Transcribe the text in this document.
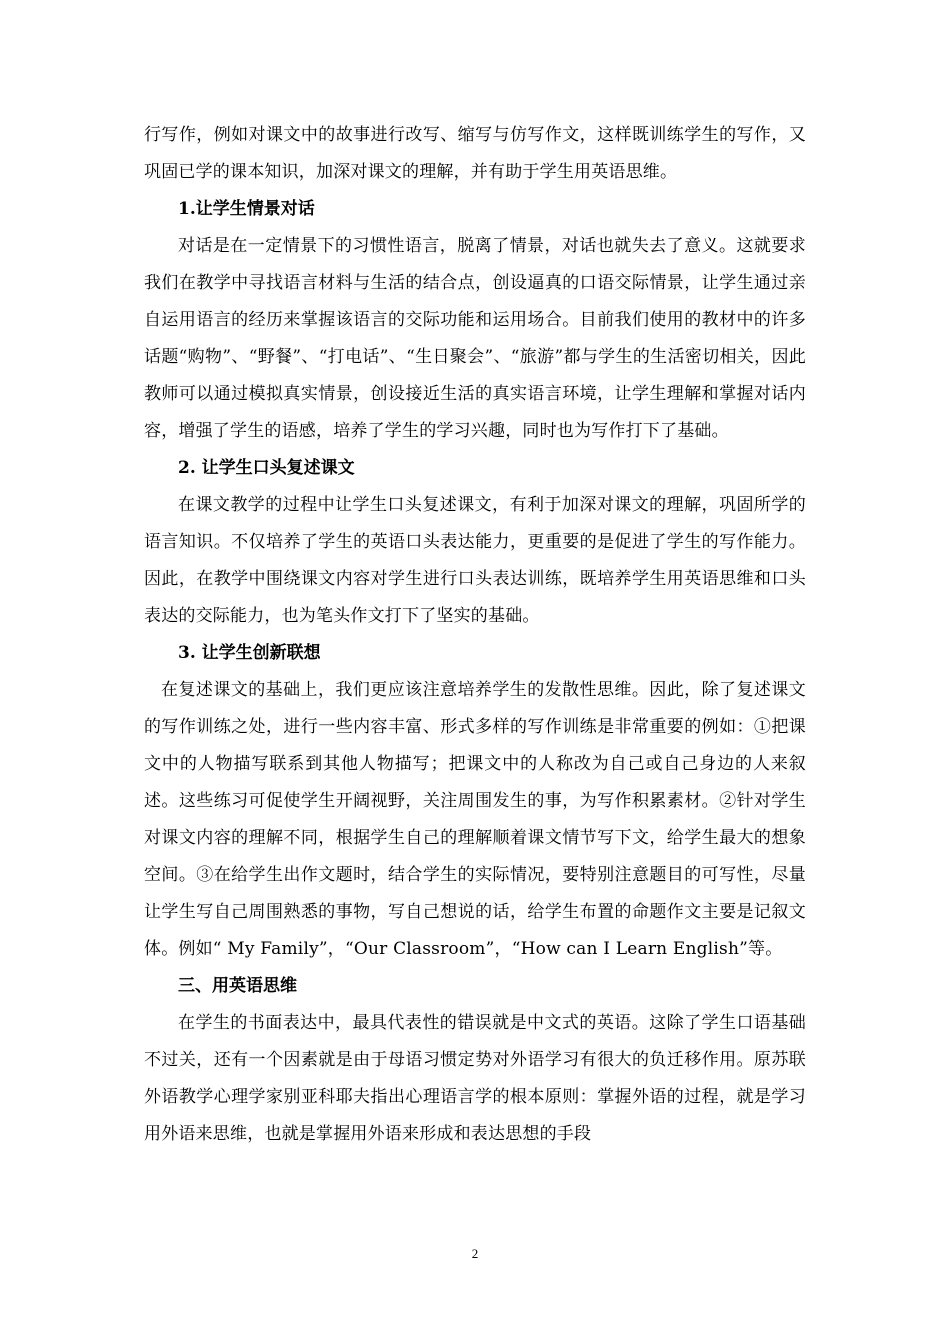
行写作，例如对课文中的故事进行改写、缩写与仿写作文，这样既训练学生的写作，又巩固已学的课本知识，加深对课文的理解，并有助于学生用英语思维。

1.让学生情景对话

对话是在一定情景下的习惯性语言，脱离了情景，对话也就失去了意义。这就要求我们在教学中寻找语言材料与生活的结合点，创设逼真的口语交际情景，让学生通过亲自运用语言的经历来掌握该语言的交际功能和运用场合。目前我们使用的教材中的许多话题“购物”、“野餐”、“打电话”、“生日聚会”、“旅游”都与学生的生活密切相关，因此教师可以通过模拟真实情景，创设接近生活的真实语言环境，让学生理解和掌握对话内容，增强了学生的语感，培养了学生的学习兴趣，同时也为写作打下了基础。

2. 让学生口头复述课文

在课文教学的过程中让学生口头复述课文，有利于加深对课文的理解，巩固所学的语言知识。不仅培养了学生的英语口头表达能力，更重要的是促进了学生的写作能力。因此，在教学中围绕课文内容对学生进行口头表达训练，既培养学生用英语思维和口头表达的交际能力，也为笔头作文打下了坚实的基础。

3. 让学生创新联想

在复述课文的基础上，我们更应该注意培养学生的发散性思维。因此，除了复述课文的写作训练之处，进行一些内容丰富、形式多样的写作训练是非常重要的例如：①把课文中的人物描写联系到其他人物描写；把课文中的人称改为自己或自己身边的人来叙述。这些练习可促使学生开阔视野，关注周围发生的事，为写作积累素材。②针对学生对课文内容的理解不同，根据学生自己的理解顺着课文情节写下文，给学生最大的想象空间。③在给学生出作文题时，结合学生的实际情况，要特别注意题目的可写性，尽量让学生写自己周围熟悉的事物，写自己想说的话，给学生布置的命题作文主要是记叙文体。例如“ My Family”，“Our Classroom”，“How can I Learn English”等。

三、用英语思维

在学生的书面表达中，最具代表性的错误就是中文式的英语。这除了学生口语基础不过关，还有一个因素就是由于母语习惯定势对外语学习有很大的负迁移作用。原苏联外语教学心理学家别亚科耶夫指出心理语言学的根本原则：掌握外语的过程，就是学习用外语来思维，也就是掌握用外语来形成和表达思想的手段

2
